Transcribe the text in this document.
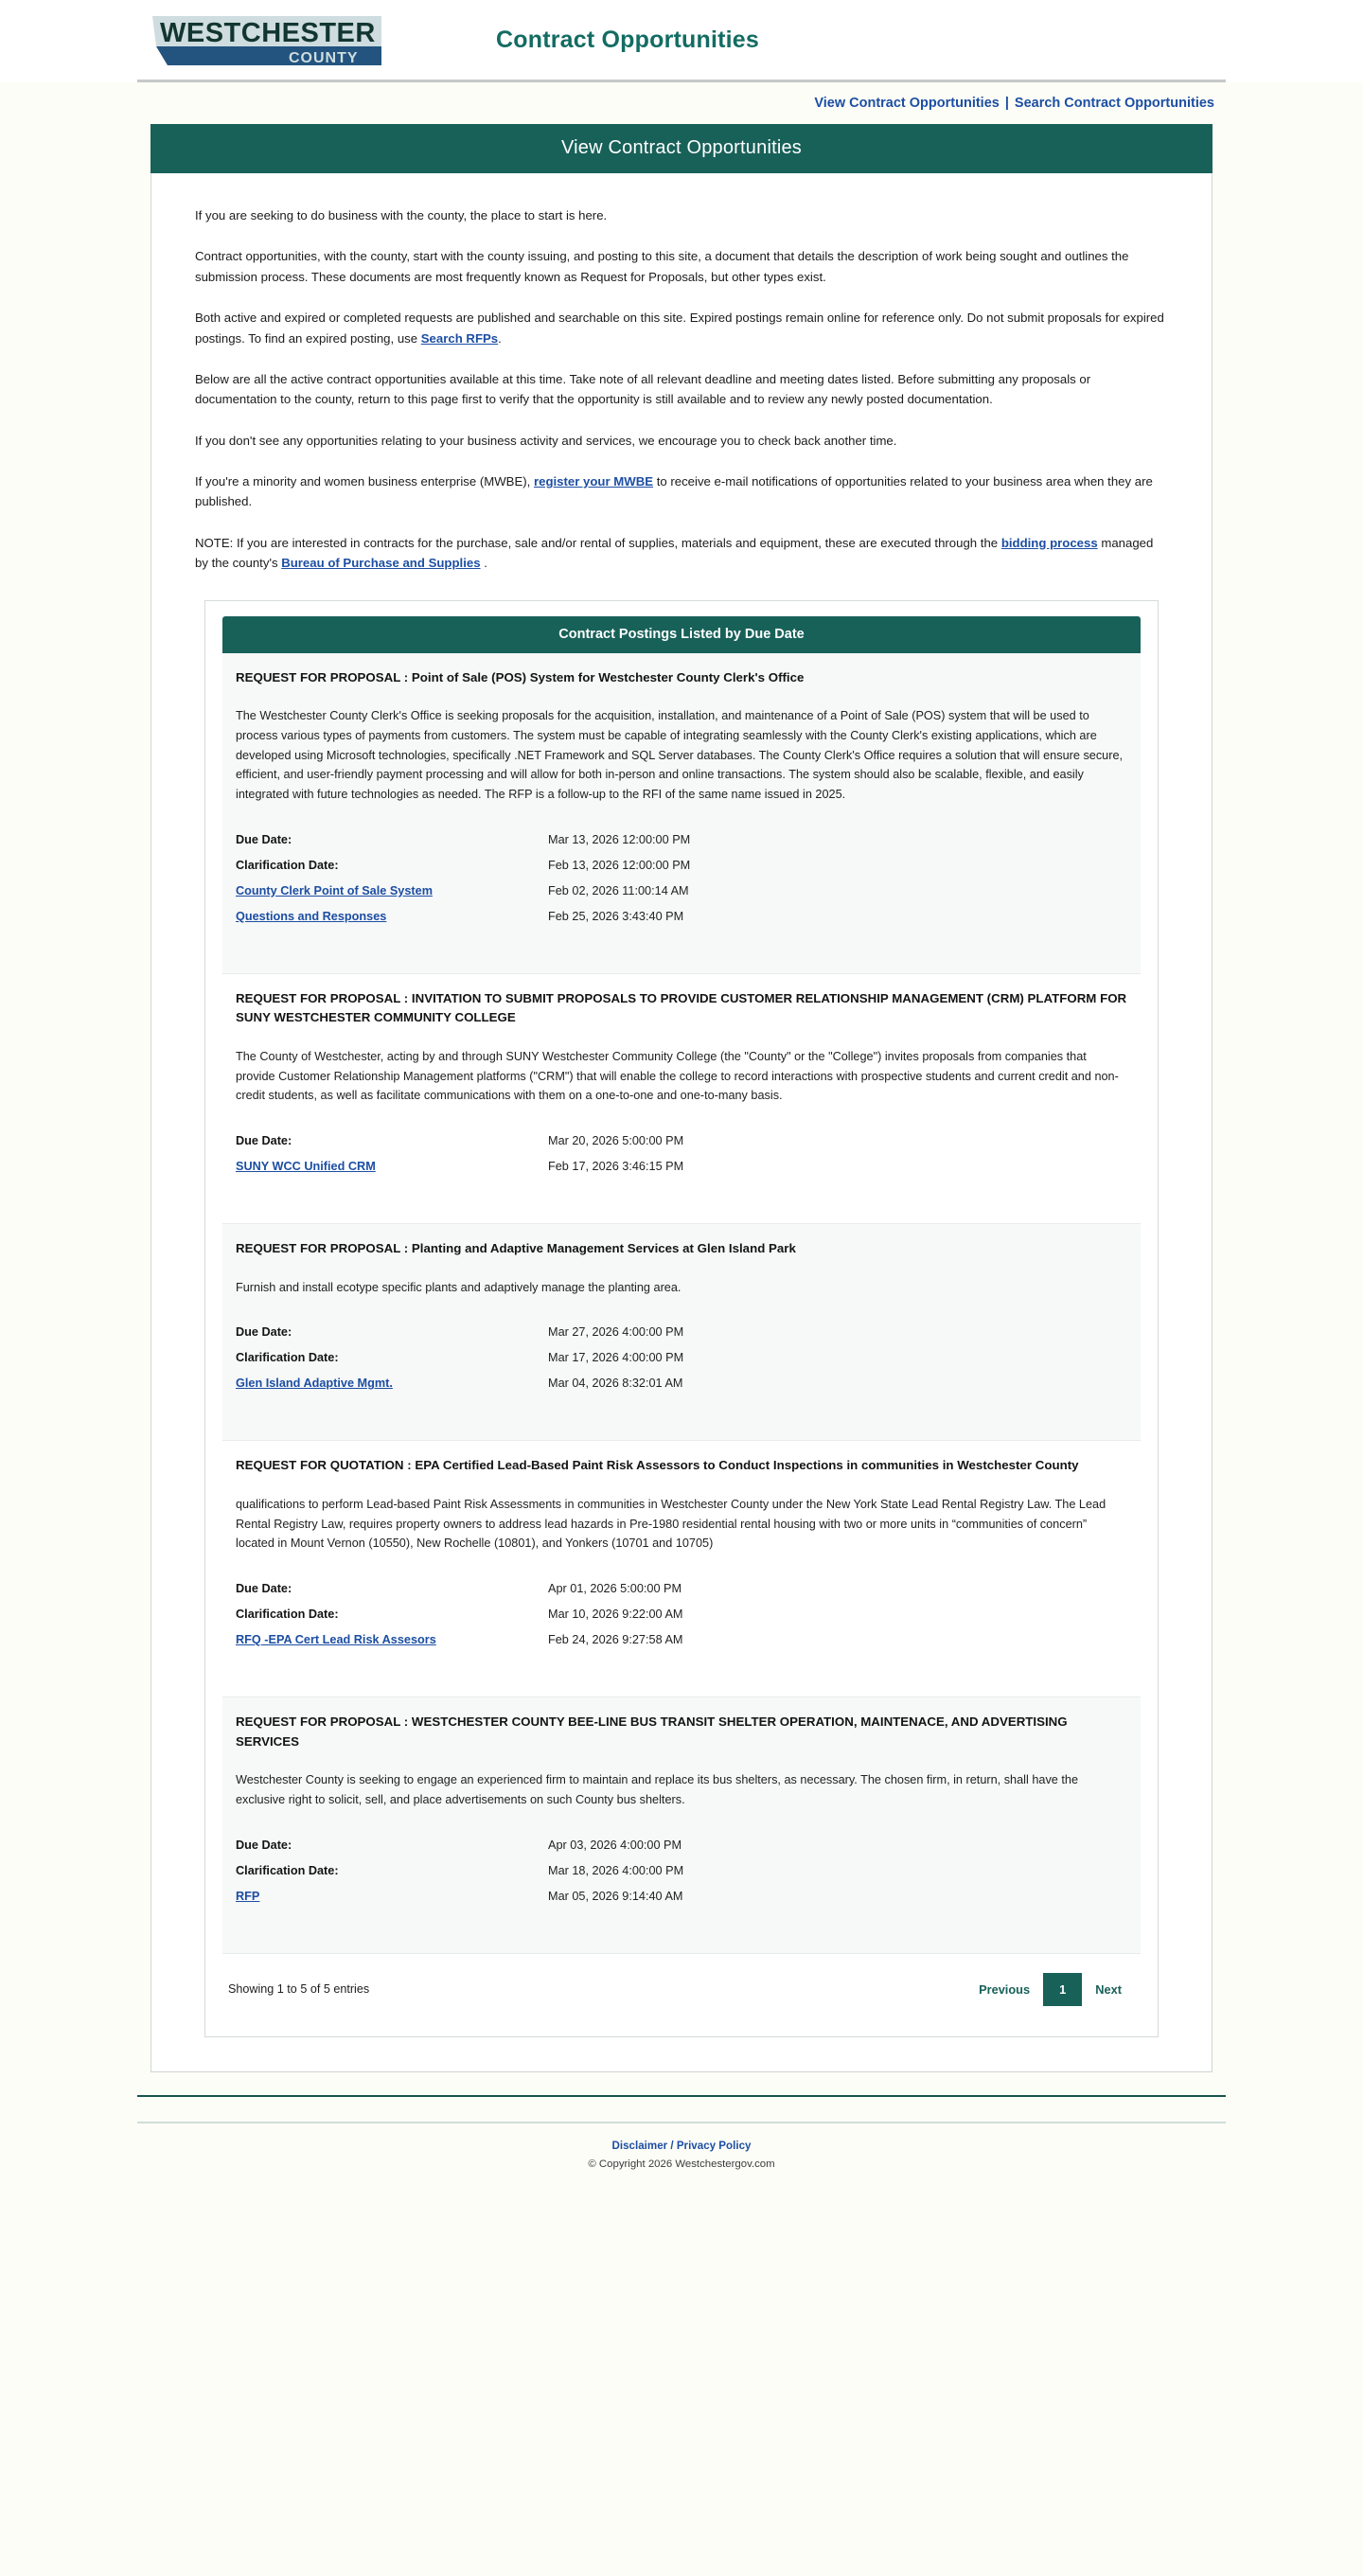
WESTCHESTER
COUNTY
Contract Opportunities
View Contract Opportunities | Search Contract Opportunities
View Contract Opportunities

If you are seeking to do business with the county, the place to start is here.

Contract opportunities, with the county, start with the county issuing, and posting to this site, a document that details the description of work being sought and outlines the submission process. These documents are most frequently known as Request for Proposals, but other types exist.

Both active and expired or completed requests are published and searchable on this site. Expired postings remain online for reference only. Do not submit proposals for expired postings. To find an expired posting, use Search RFPs.

Below are all the active contract opportunities available at this time. Take note of all relevant deadline and meeting dates listed. Before submitting any proposals or documentation to the county, return to this page first to verify that the opportunity is still available and to review any newly posted documentation.

If you don't see any opportunities relating to your business activity and services, we encourage you to check back another time.

If you're a minority and women business enterprise (MWBE), register your MWBE to receive e-mail notifications of opportunities related to your business area when they are published.

NOTE: If you are interested in contracts for the purchase, sale and/or rental of supplies, materials and equipment, these are executed through the bidding process managed by the county's Bureau of Purchase and Supplies .

Contract Postings Listed by Due Date
REQUEST FOR PROPOSAL : Point of Sale (POS) System for Westchester County Clerk's Office
The Westchester County Clerk's Office is seeking proposals for the acquisition, installation, and maintenance of a Point of Sale (POS) system that will be used to process various types of payments from customers. The system must be capable of integrating seamlessly with the County Clerk's existing applications, which are developed using Microsoft technologies, specifically .NET Framework and SQL Server databases. The County Clerk's Office requires a solution that will ensure secure, efficient, and user-friendly payment processing and will allow for both in-person and online transactions. The system should also be scalable, flexible, and easily integrated with future technologies as needed. The RFP is a follow-up to the RFI of the same name issued in 2025.
Due Date:	Mar 13, 2026 12:00:00 PM
Clarification Date:	Feb 13, 2026 12:00:00 PM
County Clerk Point of Sale System	Feb 02, 2026 11:00:14 AM
Questions and Responses	Feb 25, 2026 3:43:40 PM
REQUEST FOR PROPOSAL : INVITATION TO SUBMIT PROPOSALS TO PROVIDE CUSTOMER RELATIONSHIP MANAGEMENT (CRM) PLATFORM FOR SUNY WESTCHESTER COMMUNITY COLLEGE
The County of Westchester, acting by and through SUNY Westchester Community College (the "County" or the "College") invites proposals from companies that provide Customer Relationship Management platforms ("CRM") that will enable the college to record interactions with prospective students and current credit and non-credit students, as well as facilitate communications with them on a one-to-one and one-to-many basis.
Due Date:	Mar 20, 2026 5:00:00 PM
SUNY WCC Unified CRM	Feb 17, 2026 3:46:15 PM
REQUEST FOR PROPOSAL : Planting and Adaptive Management Services at Glen Island Park
Furnish and install ecotype specific plants and adaptively manage the planting area.
Due Date:	Mar 27, 2026 4:00:00 PM
Clarification Date:	Mar 17, 2026 4:00:00 PM
Glen Island Adaptive Mgmt.	Mar 04, 2026 8:32:01 AM
REQUEST FOR QUOTATION : EPA Certified Lead-Based Paint Risk Assessors to Conduct Inspections in communities in Westchester County
qualifications to perform Lead-based Paint Risk Assessments in communities in Westchester County under the New York State Lead Rental Registry Law. The Lead Rental Registry Law, requires property owners to address lead hazards in Pre-1980 residential rental housing with two or more units in “communities of concern” located in Mount Vernon (10550), New Rochelle (10801), and Yonkers (10701 and 10705)
Due Date:	Apr 01, 2026 5:00:00 PM
Clarification Date:	Mar 10, 2026 9:22:00 AM
RFQ -EPA Cert Lead Risk Assesors	Feb 24, 2026 9:27:58 AM
REQUEST FOR PROPOSAL : WESTCHESTER COUNTY BEE-LINE BUS TRANSIT SHELTER OPERATION, MAINTENACE, AND ADVERTISING SERVICES
Westchester County is seeking to engage an experienced firm to maintain and replace its bus shelters, as necessary. The chosen firm, in return, shall have the exclusive right to solicit, sell, and place advertisements on such County bus shelters.
Due Date:	Apr 03, 2026 4:00:00 PM
Clarification Date:	Mar 18, 2026 4:00:00 PM
RFP	Mar 05, 2026 9:14:40 AM
Showing 1 to 5 of 5 entries	Previous	1	Next
Disclaimer / Privacy Policy
© Copyright 2026 Westchestergov.com
